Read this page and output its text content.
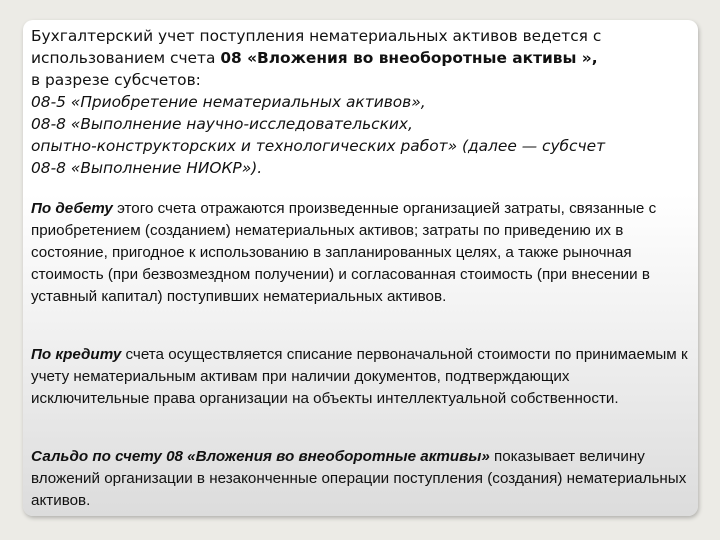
Бухгалтерский учет поступления нематериальных активов ведется с
использованием счета 08 «Вложения во внеоборотные активы »,
в разрезе субсчетов:
08-5 «Приобретение нематериальных активов»,
08-8 «Выполнение научно-исследовательских,
опытно-конструкторских и технологических работ» (далее — субсчет
08-8 «Выполнение НИОКР»).
По дебету этого счета отражаются произведенные организацией затраты, связанные с приобретением (созданием) нематериальных активов; затраты по приведению их в состояние, пригодное к использованию в запланированных целях, а также рыночная стоимость (при безвозмездном получении) и согласованная стоимость (при внесении в уставный капитал) поступивших нематериальных активов.
По кредиту счета осуществляется списание первоначальной стоимости по принимаемым к учету нематериальным активам при наличии документов, подтверждающих исключительные права организации на объекты интеллектуальной собственности.
Сальдо по счету 08 «Вложения во внеоборотные активы» показывает величину вложений организации в незаконченные операции поступления (создания) нематериальных активов.
